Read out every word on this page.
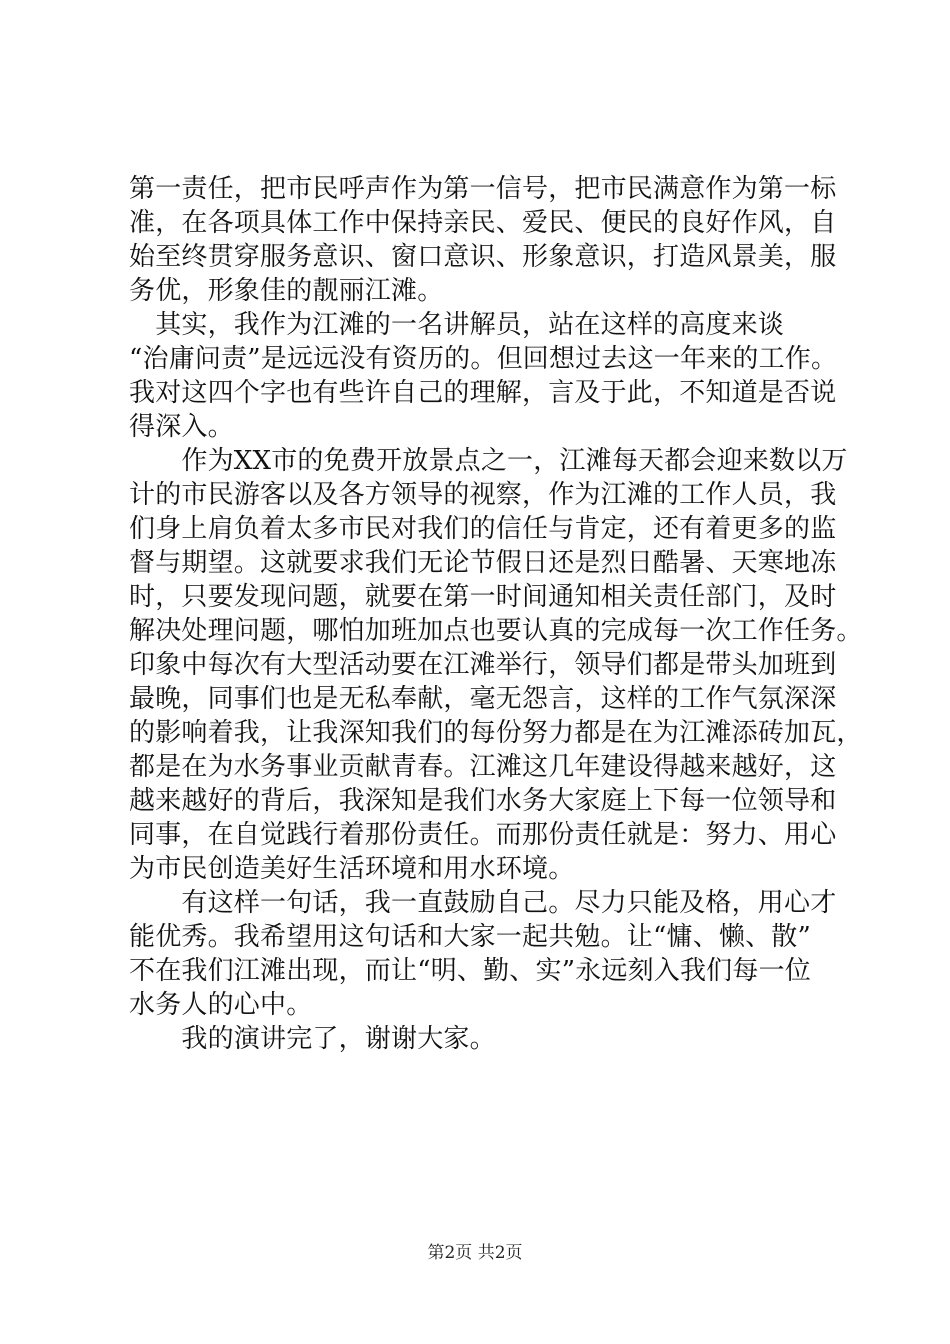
第一责任，把市民呼声作为第一信号，把市民满意作为第一标
准，在各项具体工作中保持亲民、爱民、便民的良好作风，自
始至终贯穿服务意识、窗口意识、形象意识，打造风景美，服
务优，形象佳的靓丽江滩。
　其实，我作为江滩的一名讲解员，站在这样的高度来谈
“治庸问责”是远远没有资历的。但回想过去这一年来的工作。
我对这四个字也有些许自己的理解，言及于此，不知道是否说
得深入。
　　作为XX市的免费开放景点之一，江滩每天都会迎来数以万
计的市民游客以及各方领导的视察，作为江滩的工作人员，我
们身上肩负着太多市民对我们的信任与肯定，还有着更多的监
督与期望。这就要求我们无论节假日还是烈日酷暑、天寒地冻
时，只要发现问题，就要在第一时间通知相关责任部门，及时
解决处理问题，哪怕加班加点也要认真的完成每一次工作任务。
印象中每次有大型活动要在江滩举行，领导们都是带头加班到
最晚，同事们也是无私奉献，毫无怨言，这样的工作气氛深深
的影响着我，让我深知我们的每份努力都是在为江滩添砖加瓦，
都是在为水务事业贡献青春。江滩这几年建设得越来越好，这
越来越好的背后，我深知是我们水务大家庭上下每一位领导和
同事，在自觉践行着那份责任。而那份责任就是：努力、用心
为市民创造美好生活环境和用水环境。
　　有这样一句话，我一直鼓励自己。尽力只能及格，用心才
能优秀。我希望用这句话和大家一起共勉。让“慵、懒、散”
不在我们江滩出现，而让“明、勤、实”永远刻入我们每一位
水务人的心中。
　　我的演讲完了，谢谢大家。
第2页 共2页
